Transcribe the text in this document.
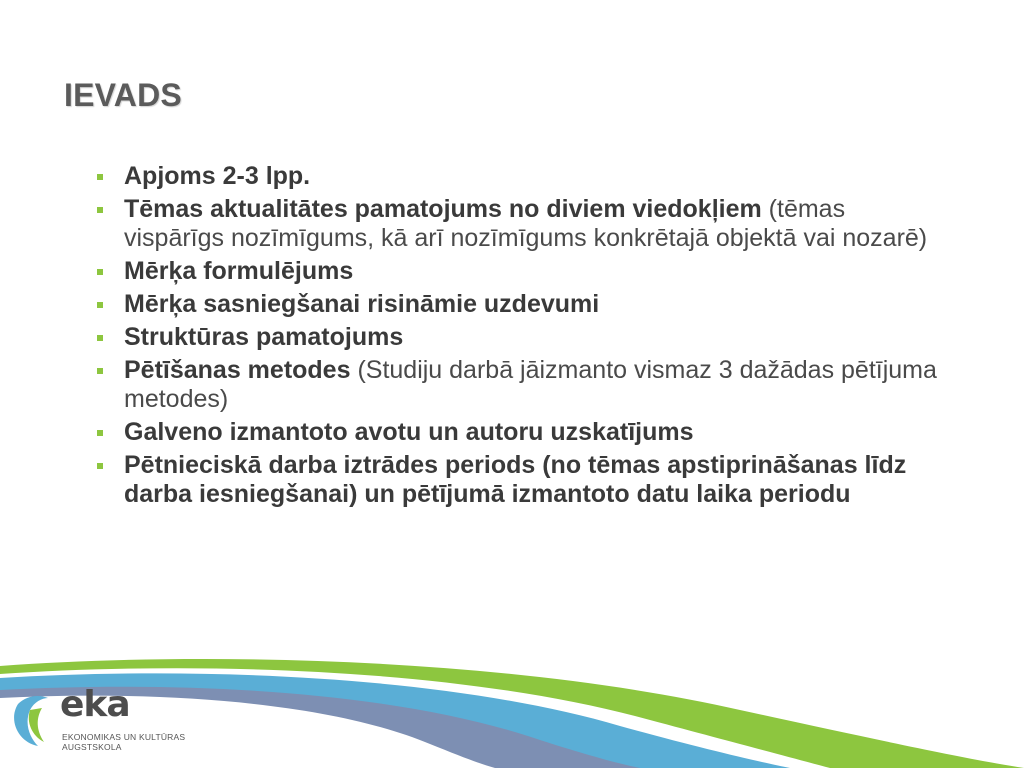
IEVADS
Apjoms 2-3 lpp.
Tēmas aktualitātes pamatojums no diviem viedokļiem (tēmas vispārīgs nozīmīgums, kā arī nozīmīgums konkrētajā objektā vai nozarē)
Mērķa formulējums
Mērķa sasniegšanai risināmie uzdevumi
Struktūras pamatojums
Pētīšanas metodes (Studiju darbā jāizmanto vismaz 3 dažādas pētījuma metodes)
Galveno izmantoto avotu un autoru uzskatījums
Pētnieciskā darba iztrādes periods (no tēmas apstiprināšanas līdz darba iesniegšanai) un pētījumā izmantoto datu laika periodu
eka
EKONOMIKAS UN KULTŪRAS
AUGSTSKOLA
